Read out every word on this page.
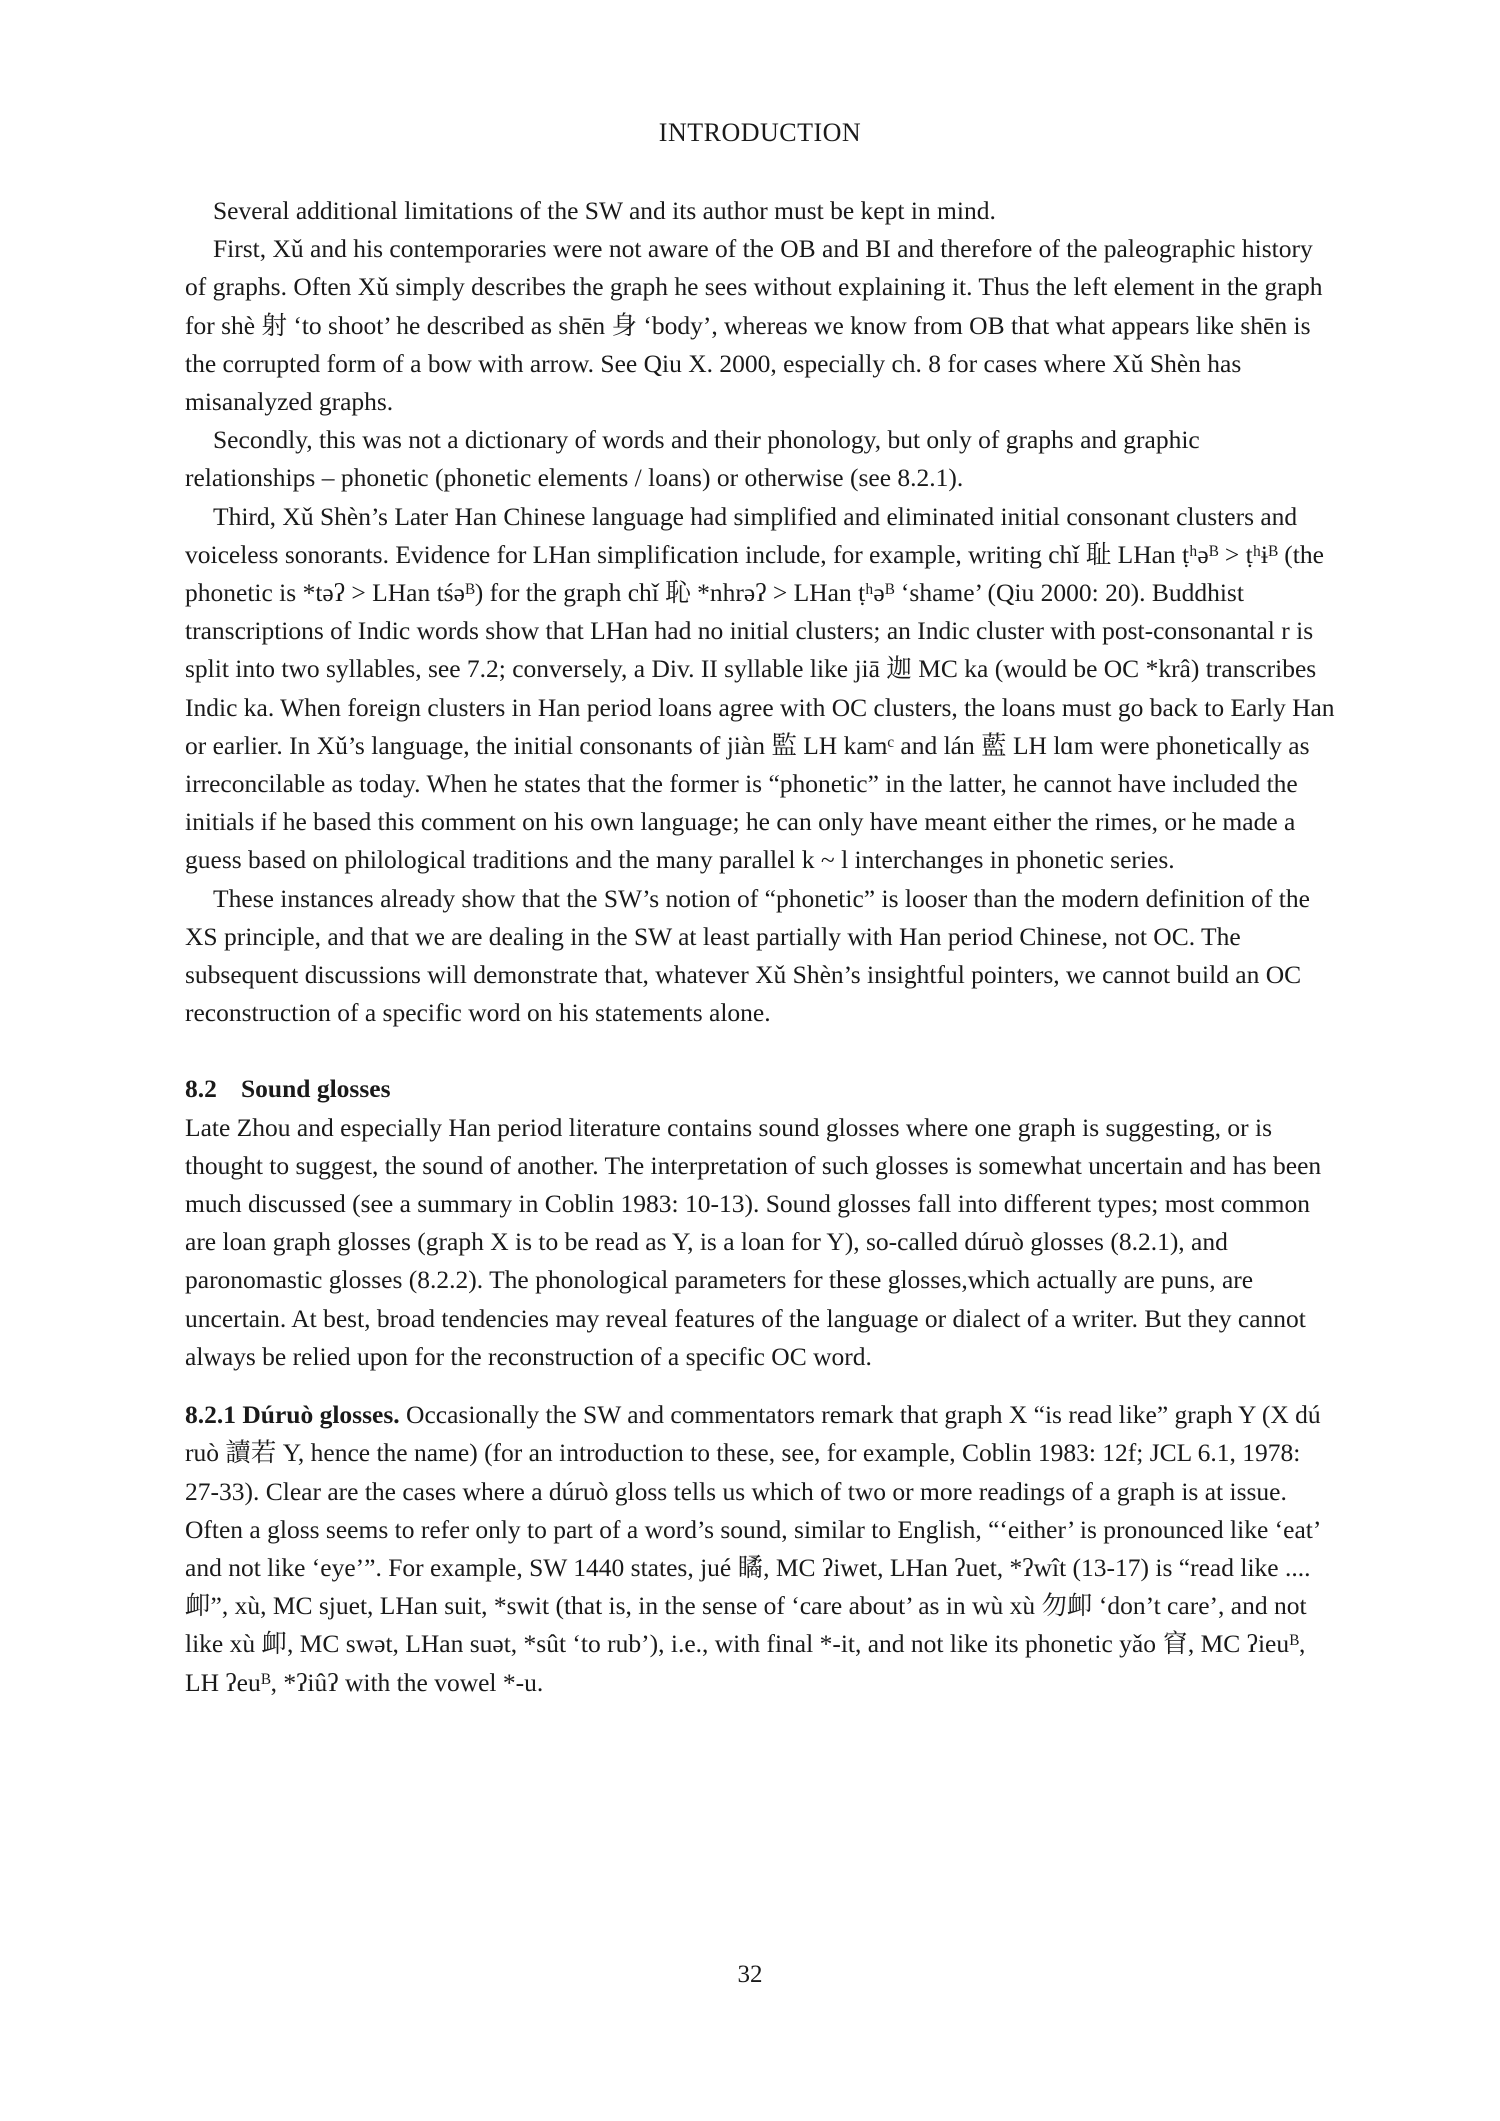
INTRODUCTION

Several additional limitations of the SW and its author must be kept in mind.

First, Xǔ and his contemporaries were not aware of the OB and BI and therefore of the paleographic history of graphs. Often Xǔ simply describes the graph he sees without explaining it. Thus the left element in the graph for shè 射 ‘to shoot’ he described as shēn 身 ‘body’, whereas we know from OB that what appears like shēn is the corrupted form of a bow with arrow. See Qiu X. 2000, especially ch. 8 for cases where Xǔ Shèn has misanalyzed graphs.

Secondly, this was not a dictionary of words and their phonology, but only of graphs and graphic relationships – phonetic (phonetic elements / loans) or otherwise (see 8.2.1).

Third, Xǔ Shèn’s Later Han Chinese language had simplified and eliminated initial consonant clusters and voiceless sonorants. Evidence for LHan simplification include, for example, writing chǐ 耻 LHan ṭʰəᴮ > ṭʰɨᴮ (the phonetic is *təʔ > LHan tśəᴮ) for the graph chǐ 恥 *nhrəʔ > LHan ṭʰəᴮ ‘shame’ (Qiu 2000: 20). Buddhist transcriptions of Indic words show that LHan had no initial clusters; an Indic cluster with post-consonantal r is split into two syllables, see 7.2; conversely, a Div. II syllable like jiā 迦 MC ka (would be OC *krâ) transcribes Indic ka. When foreign clusters in Han period loans agree with OC clusters, the loans must go back to Early Han or earlier. In Xǔ’s language, the initial consonants of jiàn 監 LH kamᶜ and lán 藍 LH lɑm were phonetically as irreconcilable as today. When he states that the former is “phonetic” in the latter, he cannot have included the initials if he based this comment on his own language; he can only have meant either the rimes, or he made a guess based on philological traditions and the many parallel k ~ l interchanges in phonetic series.

These instances already show that the SW’s notion of “phonetic” is looser than the modern definition of the XS principle, and that we are dealing in the SW at least partially with Han period Chinese, not OC. The subsequent discussions will demonstrate that, whatever Xǔ Shèn’s insightful pointers, we cannot build an OC reconstruction of a specific word on his statements alone.

8.2 Sound glosses

Late Zhou and especially Han period literature contains sound glosses where one graph is suggesting, or is thought to suggest, the sound of another. The interpretation of such glosses is somewhat uncertain and has been much discussed (see a summary in Coblin 1983: 10-13). Sound glosses fall into different types; most common are loan graph glosses (graph X is to be read as Y, is a loan for Y), so-called dúruò glosses (8.2.1), and paronomastic glosses (8.2.2). The phonological parameters for these glosses,which actually are puns, are uncertain. At best, broad tendencies may reveal features of the language or dialect of a writer. But they cannot always be relied upon for the reconstruction of a specific OC word.

8.2.1 Dúruò glosses. Occasionally the SW and commentators remark that graph X “is read like” graph Y (X dú ruò 讀若 Y, hence the name) (for an introduction to these, see, for example, Coblin 1983: 12f; JCL 6.1, 1978: 27-33). Clear are the cases where a dúruò gloss tells us which of two or more readings of a graph is at issue. Often a gloss seems to refer only to part of a word’s sound, similar to English, “‘either’ is pronounced like ‘eat’ and not like ‘eye’”. For example, SW 1440 states, jué 瞲, MC ʔiwet, LHan ʔuet, *ʔwît (13-17) is “read like .... 卹”, xù, MC sjuet, LHan suit, *swit (that is, in the sense of ‘care about’ as in wù xù 勿卹 ‘don’t care’, and not like xù 卹, MC swət, LHan suət, *sût ‘to rub’), i.e., with final *-it, and not like its phonetic yǎo 窅, MC ʔieuᴮ, LH ʔeuᴮ, *ʔiûʔ with the vowel *-u.

32
